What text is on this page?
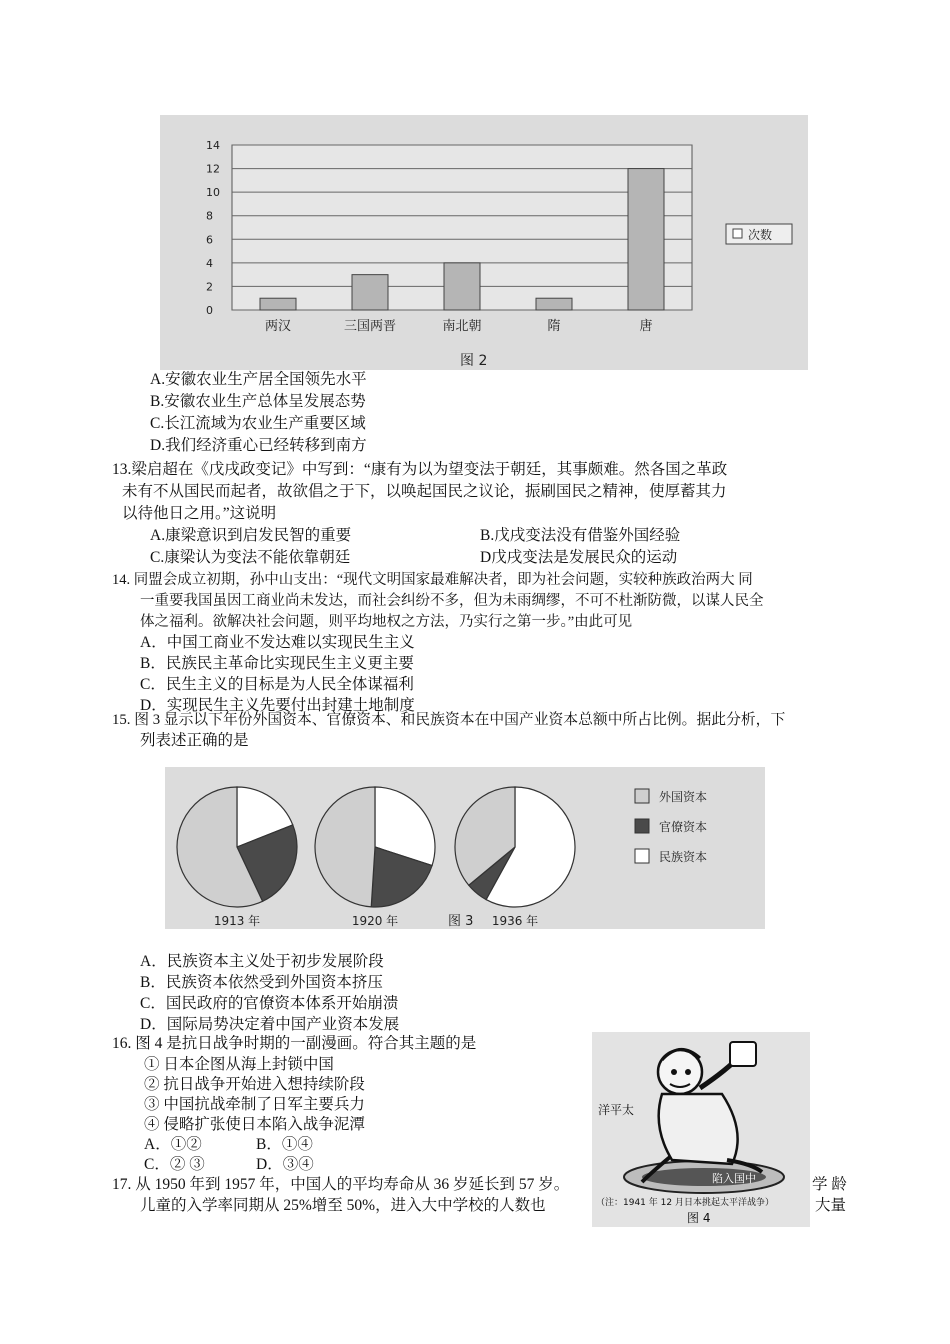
0
2
4
6
8
10
12
14
两汉	三国两晋	南北朝	隋	唐
次数
图 2
A.安徽农业生产居全国领先水平
B.安徽农业生产总体呈发展态势
C.长江流域为农业生产重要区域
D.我们经济重心已经转移到南方
13.梁启超在《戊戌政变记》中写到：“康有为以为望变法于朝廷，其事颇难。然各国之革政
未有不从国民而起者，故欲倡之于下，以唤起国民之议论，振刷国民之精神，使厚蓄其力
以待他日之用。”这说明
A.康梁意识到启发民智的重要	B.戊戌变法没有借鉴外国经验
C.康梁认为变法不能依靠朝廷	D戊戌变法是发展民众的运动
14. 同盟会成立初期，孙中山支出：“现代文明国家最难解决者，即为社会问题，实较种族政治两大 同
一重要我国虽因工商业尚未发达，而社会纠纷不多，但为未雨绸缪，不可不杜渐防微，以谋人民全
体之福利。欲解决社会问题，则平均地权之方法，乃实行之第一步。”由此可见
A．中国工商业不发达难以实现民生主义
B．民族民主革命比实现民生主义更主要
C．民生主义的目标是为人民全体谋福利
D．实现民生主义先要付出封建土地制度
15. 图 3 显示以下年份外国资本、官僚资本、和民族资本在中国产业资本总额中所占比例。据此分析，下
列表述正确的是
1913 年	1920 年	1936 年
外国资本
官僚资本
民族资本
图 3
A．民族资本主义处于初步发展阶段
B．民族资本依然受到外国资本挤压
C．国民政府的官僚资本体系开始崩溃
D．国际局势决定着中国产业资本发展
16. 图 4 是抗日战争时期的一副漫画。符合其主题的是
① 日本企图从海上封锁中国
② 抗日战争开始进入想持续阶段
③ 中国抗战牵制了日军主要兵力
④ 侵略扩张使日本陷入战争泥潭
A．①②	B．①④
C．② ③	D．③④
洋平太
陷入国中
（注：1941 年 12 月日本挑起太平洋战争）
图 4
17. 从 1950 年到 1957 年，中国人的平均寿命从 36 岁延长到 57 岁。	学 龄
儿童的入学率同期从 25%增至 50%，进入大中学校的人数也	大量
